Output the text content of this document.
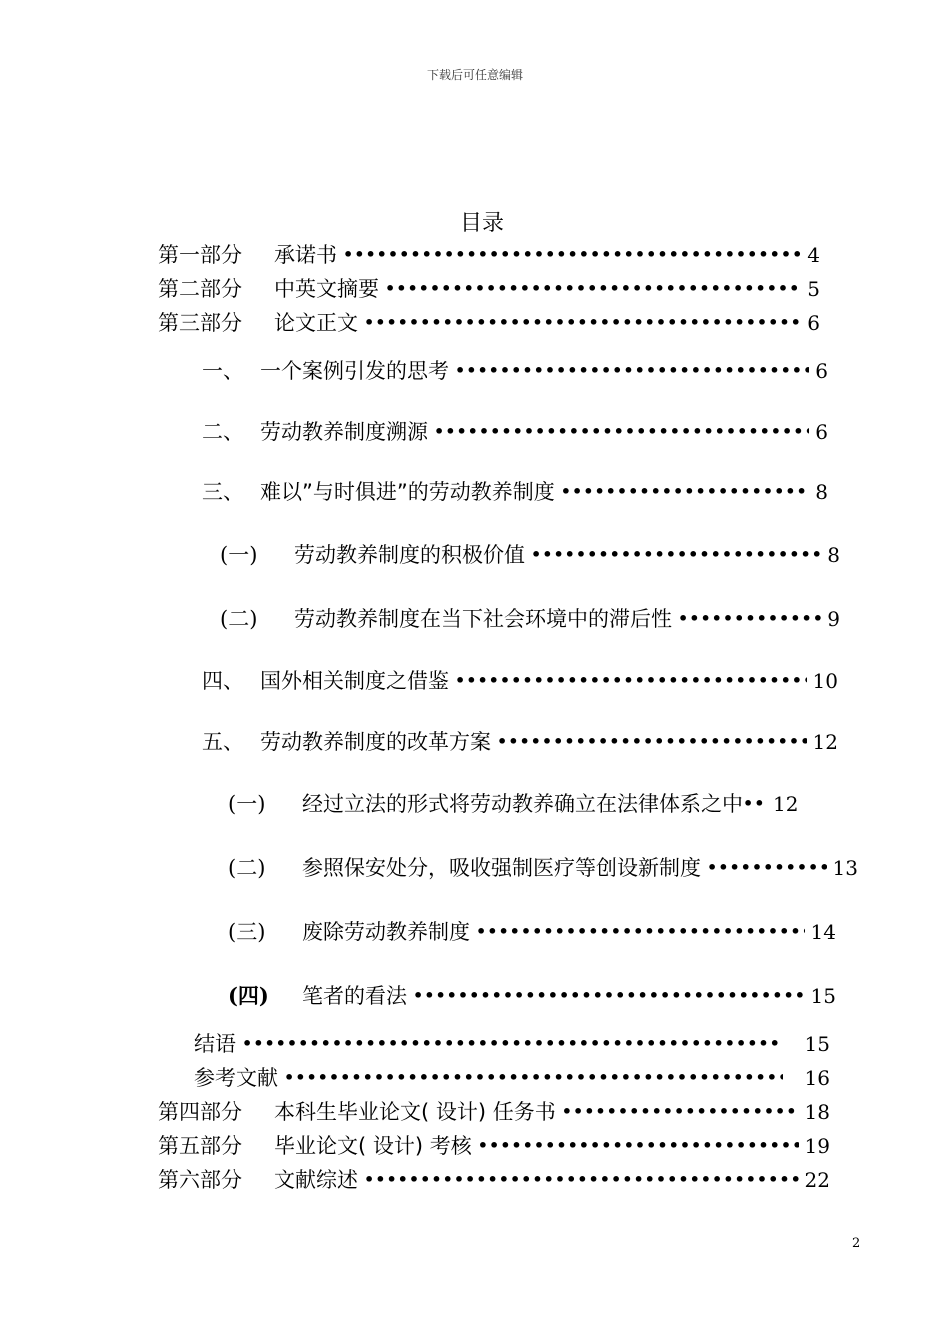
下载后可任意编辑
目录
第一部分	承诺书 •••••	4
第二部分	中英文摘要 •••••	5
第三部分	论文正文 •••••	6
一、 一个案例引发的思考 •••••	6
二、 劳动教养制度溯源 •••••	6
三、 难以”与时俱进”的劳动教养制度 •••••	8
(一)	劳动教养制度的积极价值 •••••	8
(二)	劳动教养制度在当下社会环境中的滞后性 •••••	9
四、 国外相关制度之借鉴 •••••	10
五、 劳动教养制度的改革方案 •••••	12
(一)	经过立法的形式将劳动教养确立在法律体系之中 ••••• 12
(二)	参照保安处分，吸收强制医疗等创设新制度 •••••	13
(三)	废除劳动教养制度 •••••	14
(四)	笔者的看法 •••••	15
结语 •••••	15
参考文献 •••••	16
第四部分	本科生毕业论文( 设计) 任务书 •••••	18
第五部分	毕业论文( 设计) 考核 •••••	19
第六部分	文献综述 •••••	22
2
